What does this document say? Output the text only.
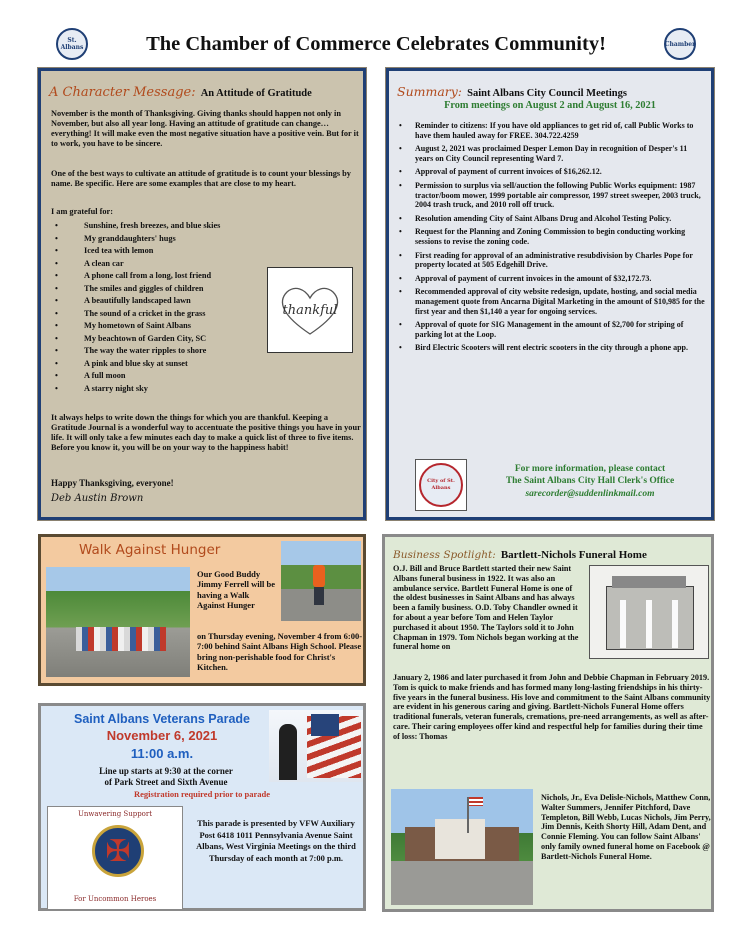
St. Albans	The Chamber of Commerce Celebrates Community!	Chamber
A Character Message: An Attitude of Gratitude

November is the month of Thanksgiving. Giving thanks should happen not only in November, but also all year long. Having an attitude of gratitude can change… everything! It will make even the most negative situation have a positive vein. But for it to work, you have to be sincere.

One of the best ways to cultivate an attitude of gratitude is to count your blessings by name. Be specific. Here are some examples that are close to my heart.

I am grateful for:

• Sunshine, fresh breezes, and blue skies
• My granddaughters' hugs
• Iced tea with lemon
• A clean car
• A phone call from a long, lost friend
• The smiles and giggles of children
• A beautifully landscaped lawn
• The sound of a cricket in the grass
• My hometown of Saint Albans
• My beachtown of Garden City, SC
• The way the water ripples to shore
• A pink and blue sky at sunset
• A full moon
• A starry night sky
thankful

It always helps to write down the things for which you are thankful. Keeping a Gratitude Journal is a wonderful way to accentuate the positive things you have in your life. It will only take a few minutes each day to make a quick list of three to five items. Before you know it, you will be on your way to the happiness habit!

Happy Thanksgiving, everyone!

Deb Austin Brown

Summary: Saint Albans City Council Meetings

From meetings on August 2 and August 16, 2021

• Reminder to citizens: If you have old appliances to get rid of, call Public Works to have them hauled away for FREE. 304.722.4259
• August 2, 2021 was proclaimed Desper Lemon Day in recognition of Desper's 11 years on City Council representing Ward 7.
• Approval of payment of current invoices of $16,262.12.
• Permission to surplus via sell/auction the following Public Works equipment: 1987 tractor/boom mower, 1999 portable air compressor, 1997 street sweeper, 2003 truck, 2004 trash truck, and 2010 roll off truck.
• Resolution amending City of Saint Albans Drug and Alcohol Testing Policy.
• Request for the Planning and Zoning Commission to begin conducting working sessions to revise the zoning code.
• First reading for approval of an administrative resubdivision by Charles Pope for property located at 505 Edgehill Drive.
• Approval of payment of current invoices in the amount of $32,172.73.
• Recommended approval of city website redesign, update, hosting, and social media management quote from Ancarna Digital Marketing in the amount of $10,985 for the first year and then $1,140 a year for ongoing services.
• Approval of quote for SIG Management in the amount of $2,700 for striping of parking lot at the Loop.
• Bird Electric Scooters will rent electric scooters in the city through a phone app.
City of St. Albans

For more information, please contact

The Saint Albans City Hall Clerk's Office

sarecorder@suddenlinkmail.com

Walk Against Hunger

Our Good Buddy Jimmy Ferrell will be having a Walk Against Hunger

on Thursday evening, November 4 from 6:00-7:00 behind Saint Albans High School. Please bring non-perishable food for Christ's Kitchen.

Saint Albans Veterans Parade

November 6, 2021

11:00 a.m.

Line up starts at 9:30 at the corner

of Park Street and Sixth Avenue

Registration required prior to parade

Unwavering Support

✠

For Uncommon Heroes

This parade is presented by VFW Auxiliary Post 6418 1011 Pennsylvania Avenue Saint Albans, West Virginia Meetings on the third Thursday of each month at 7:00 p.m.

Business Spotlight: Bartlett-Nichols Funeral Home

O.J. Bill and Bruce Bartlett started their new Saint Albans funeral business in 1922. It was also an ambulance service. Bartlett Funeral Home is one of the oldest businesses in Saint Albans and has always been a family business. O.D. Toby Chandler owned it for about a year before Tom and Helen Taylor purchased it about 1950. The Taylors sold it to John Chapman in 1979. Tom Nichols began working at the funeral home on

January 2, 1986 and later purchased it from John and Debbie Chapman in February 2019. Tom is quick to make friends and has formed many long-lasting friendships in his thirty-five years in the funeral business. His love and commitment to the Saint Albans community are evident in his generous caring and giving. Bartlett-Nichols Funeral Home offers traditional funerals, veteran funerals, cremations, pre-need arrangements, as well as after-care. Their caring employees offer kind and respectful help for families during their time of loss: Thomas

Nichols, Jr., Eva Delisle-Nichols, Matthew Conn, Walter Summers, Jennifer Pitchford, Dave Templeton, Bill Webb, Lucas Nichols, Jim Perry, Jim Dennis, Keith Shorty Hill, Adam Dent, and Connie Fleming. You can follow Saint Albans' only family owned funeral home on Facebook @ Bartlett-Nichols Funeral Home.
